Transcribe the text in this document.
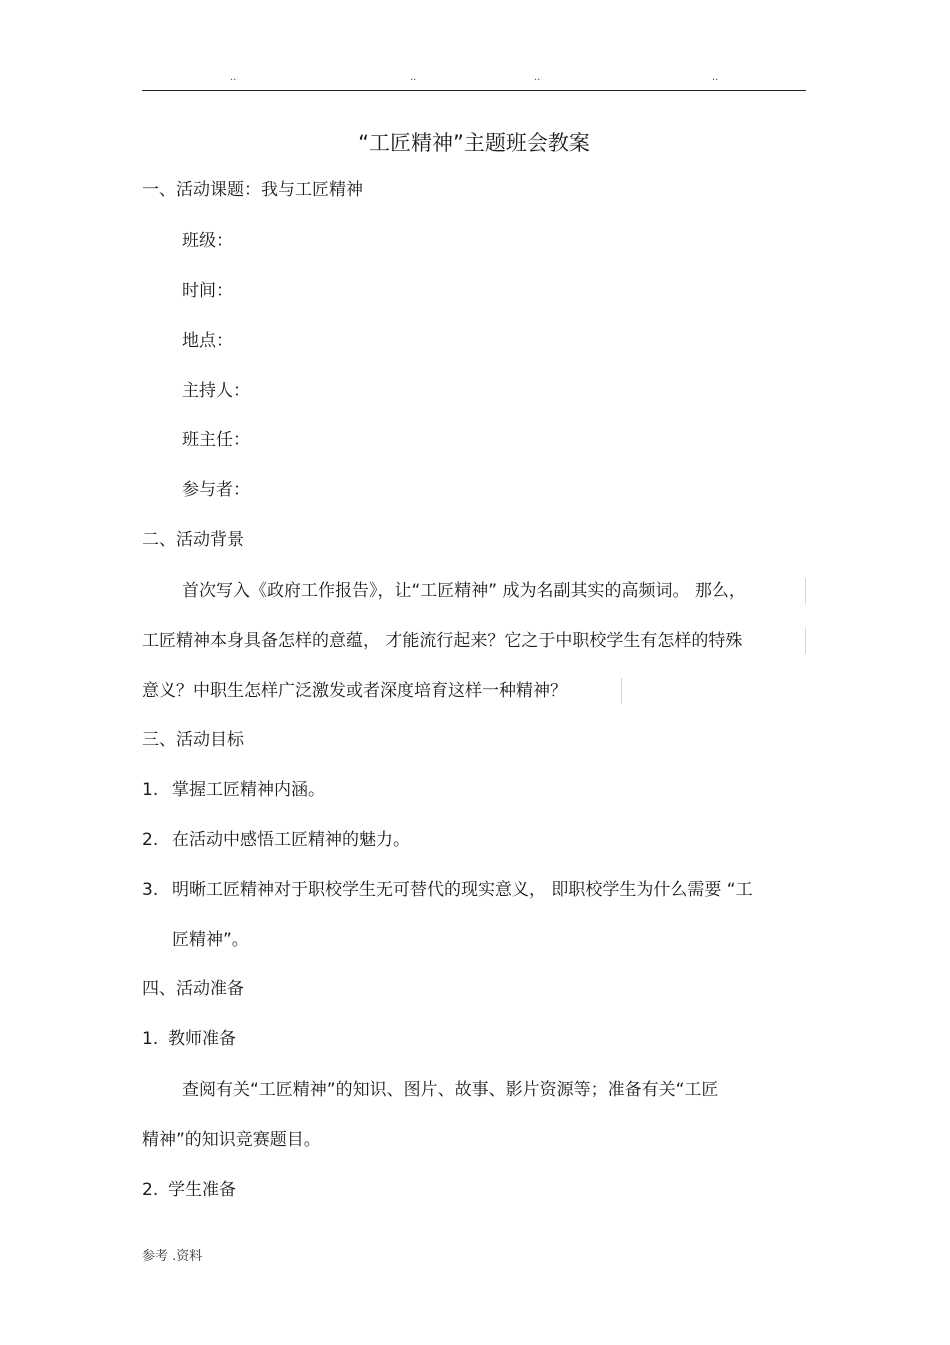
..	..	..	..
“工匠精神”主题班会教案
一、活动课题：我与工匠精神
班级：
时间：
地点：
主持人：
班主任：
参与者：
二、活动背景
首次写入《政府工作报告》，让“工匠精神” 成为名副其实的高频词。 那么，
工匠精神本身具备怎样的意蕴， 才能流行起来？它之于中职校学生有怎样的特殊
意义？中职生怎样广泛激发或者深度培育这样一种精神？
三、活动目标
1. 掌握工匠精神内涵。
2. 在活动中感悟工匠精神的魅力。
3. 明晰工匠精神对于职校学生无可替代的现实意义， 即职校学生为什么需要 “工
匠精神”。
四、活动准备
1. 教师准备
查阅有关“工匠精神”的知识、图片、故事、影片资源等；准备有关“工匠
精神”的知识竞赛题目。
2. 学生准备
参考 .资料
